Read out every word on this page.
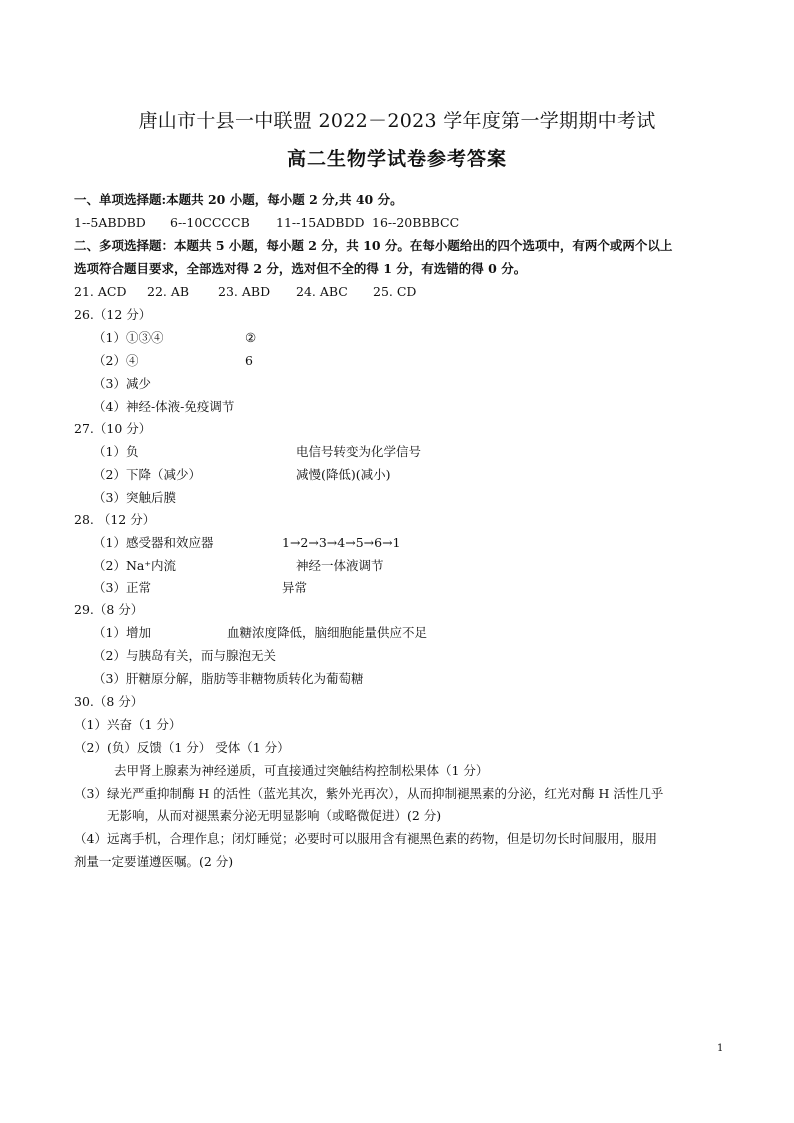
唐山市十县一中联盟 2022－2023 学年度第一学期期中考试
高二生物学试卷参考答案
一、单项选择题:本题共 20 小题，每小题 2 分,共 40 分。
1--5ABDBD 6--10CCCCB 11--15ADBDD 16--20BBBCC
二、多项选择题：本题共 5 小题，每小题 2 分，共 10 分。在每小题给出的四个选项中，有两个或两个以上
选项符合题目要求，全部选对得 2 分，选对但不全的得 1 分，有选错的得 0 分。
21. ACD 22. AB 23. ABD 24. ABC 25. CD
26.（12 分）
（1）①③④	②
（2）④	6
（3）减少
（4）神经-体液-免疫调节
27.（10 分）
（1）负	电信号转变为化学信号
（2）下降（减少）	减慢(降低)(减小)
（3）突触后膜
28. （12 分）
（1）感受器和效应器	1→2→3→4→5→6→1
（2）Na⁺内流	神经一体液调节
（3）正常	异常
29.（8 分）
（1）增加	血糖浓度降低，脑细胞能量供应不足
（2）与胰岛有关，而与腺泡无关
（3）肝糖原分解，脂肪等非糖物质转化为葡萄糖
30.（8 分）
（1）兴奋（1 分）
（2）(负）反馈（1 分） 受体（1 分）
去甲肾上腺素为神经递质，可直接通过突触结构控制松果体（1 分）
（3）绿光严重抑制酶 H 的活性（蓝光其次，紫外光再次），从而抑制褪黑素的分泌，红光对酶 H 活性几乎
无影响，从而对褪黑素分泌无明显影响（或略微促进）(2 分)
（4）远离手机，合理作息；闭灯睡觉；必要时可以服用含有褪黑色素的药物，但是切勿长时间服用，服用
剂量一定要谨遵医嘱。(2 分)
1
